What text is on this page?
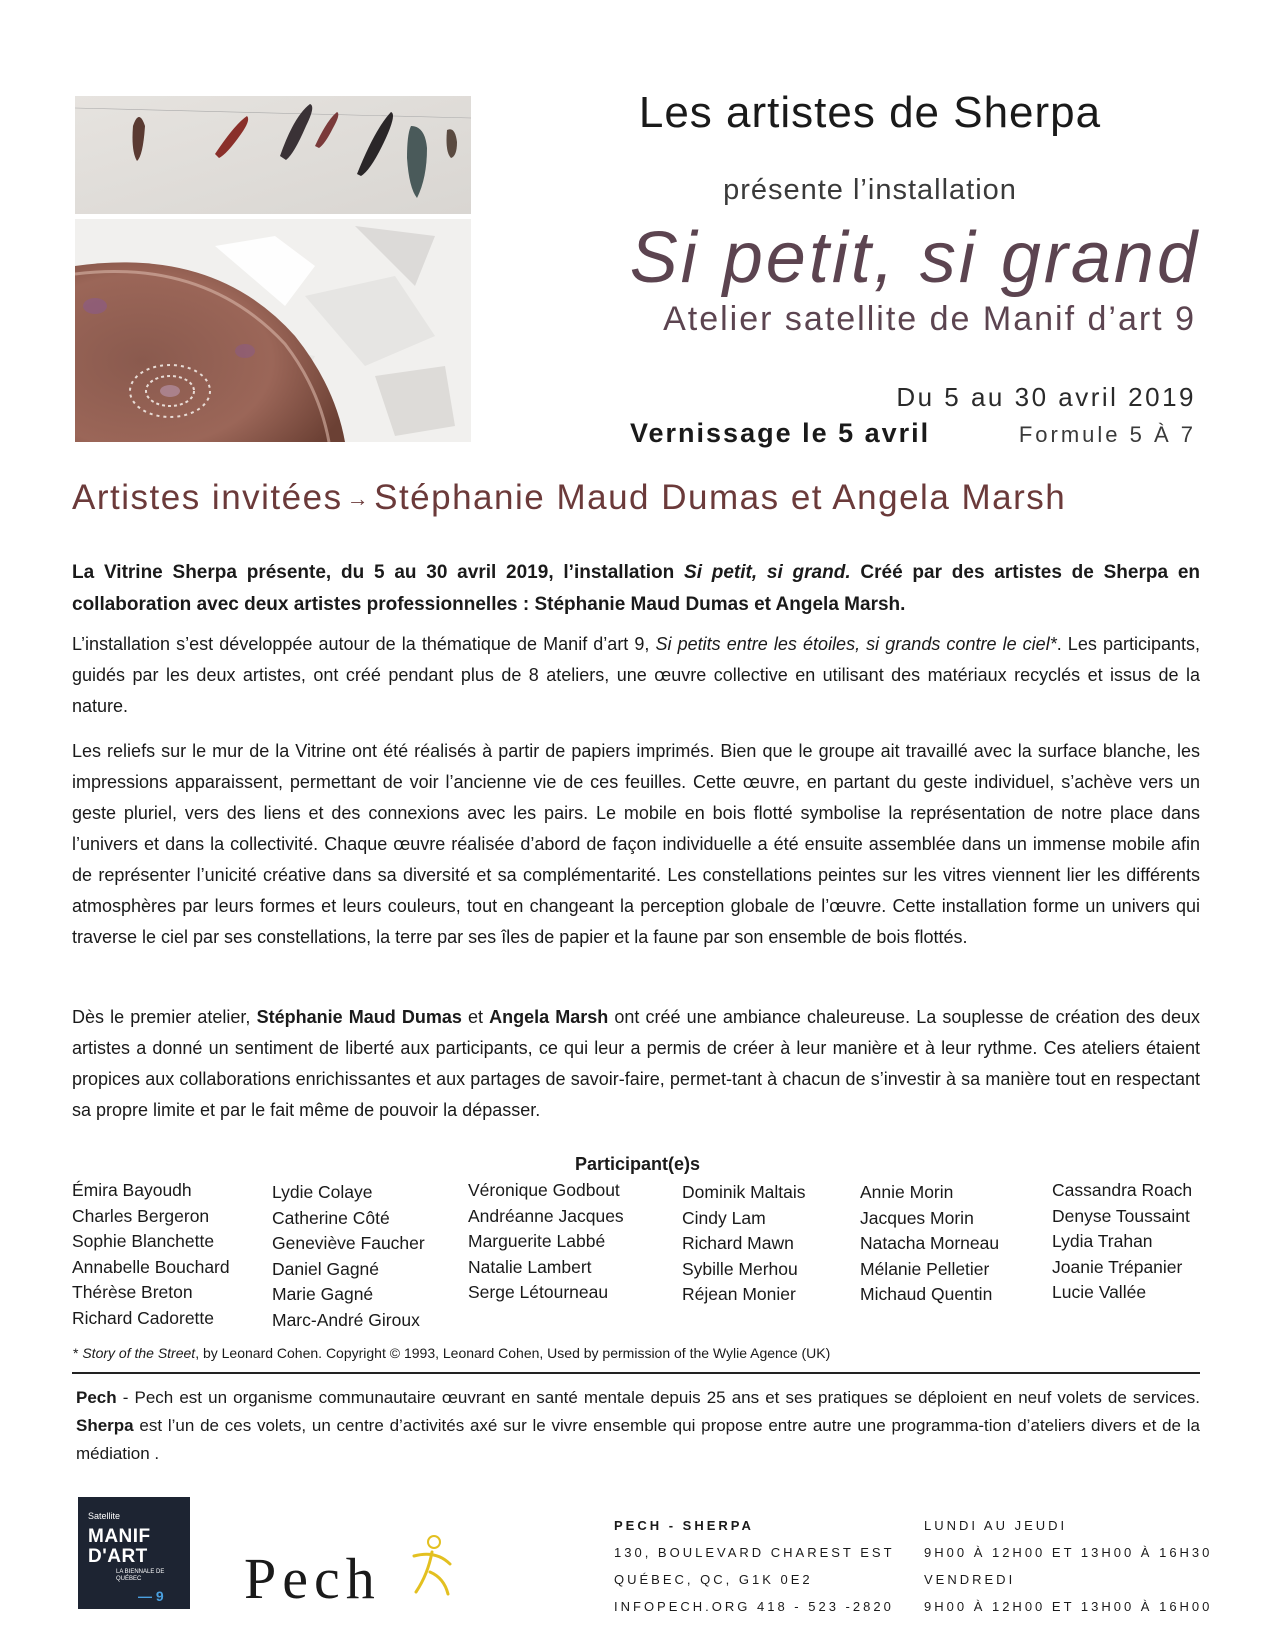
Les artistes de Sherpa
présente l’installation
Si petit, si grand
Atelier satellite de Manif d’art 9
Du 5 au 30 avril 2019
Vernissage le 5 avril	Formule 5 À 7
Artistes invitées → Stéphanie Maud Dumas et Angela Marsh
La Vitrine Sherpa présente, du 5 au 30 avril 2019, l’installation Si petit, si grand. Créé par des artistes de Sherpa en collaboration avec deux artistes professionnelles : Stéphanie Maud Dumas et Angela Marsh.
L’installation s’est développée autour de la thématique de Manif d’art 9, Si petits entre les étoiles, si grands contre le ciel*. Les participants, guidés par les deux artistes, ont créé pendant plus de 8 ateliers, une œuvre collective en utilisant des matériaux recyclés et issus de la nature.
Les reliefs sur le mur de la Vitrine ont été réalisés à partir de papiers imprimés. Bien que le groupe ait travaillé avec la surface blanche, les impressions apparaissent, permettant de voir l’ancienne vie de ces feuilles. Cette œuvre, en partant du geste individuel, s’achève vers un geste pluriel, vers des liens et des connexions avec les pairs. Le mobile en bois flotté symbolise la représentation de notre place dans l’univers et dans la collectivité. Chaque œuvre réalisée d’abord de façon individuelle a été ensuite assemblée dans un immense mobile afin de représenter l’unicité créative dans sa diversité et sa complémentarité. Les constellations peintes sur les vitres viennent lier les différents atmosphères par leurs formes et leurs couleurs, tout en changeant la perception globale de l’œuvre. Cette installation forme un univers qui traverse le ciel par ses constellations, la terre par ses îles de papier et la faune par son ensemble de bois flottés.
Dès le premier atelier, Stéphanie Maud Dumas et Angela Marsh ont créé une ambiance chaleureuse. La souplesse de création des deux artistes a donné un sentiment de liberté aux participants, ce qui leur a permis de créer à leur manière et à leur rythme. Ces ateliers étaient propices aux collaborations enrichissantes et aux partages de savoir-faire, permet-tant à chacun de s’investir à sa manière tout en respectant sa propre limite et par le fait même de pouvoir la dépasser.
Participant(e)s
Émira Bayoudh
Charles Bergeron
Sophie Blanchette
Annabelle Bouchard
Thérèse Breton
Richard Cadorette
Lydie Colaye
Catherine Côté
Geneviève Faucher
Daniel Gagné
Marie Gagné
Marc-André Giroux
Véronique Godbout
Andréanne Jacques
Marguerite Labbé
Natalie Lambert
Serge Létourneau
Dominik Maltais
Cindy Lam
Richard Mawn
Sybille Merhou
Réjean Monier
Annie Morin
Jacques Morin
Natacha Morneau
Mélanie Pelletier
Michaud Quentin
Cassandra Roach
Denyse Toussaint
Lydia Trahan
Joanie Trépanier
Lucie Vallée
* Story of the Street, by Leonard Cohen. Copyright © 1993, Leonard Cohen, Used by permission of the Wylie Agence (UK)
Pech - Pech est un organisme communautaire œuvrant en santé mentale depuis 25 ans et ses pratiques se déploient en neuf volets de services. Sherpa est l’un de ces volets, un centre d’activités axé sur le vivre ensemble qui propose entre autre une programma-tion d’ateliers divers et de la médiation .
Satellite
MANIF
D'ART
LA BIENNALE DE QUÉBEC
— 9 Pech
PECH - SHERPA
130, BOULEVARD CHAREST EST
QUÉBEC, QC, G1K 0E2
INFOPECH.ORG 418 - 523 -2820
LUNDI AU JEUDI
9H00 À 12H00 ET 13H00 À 16H30
VENDREDI
9H00 À 12H00 ET 13H00 À 16H00
